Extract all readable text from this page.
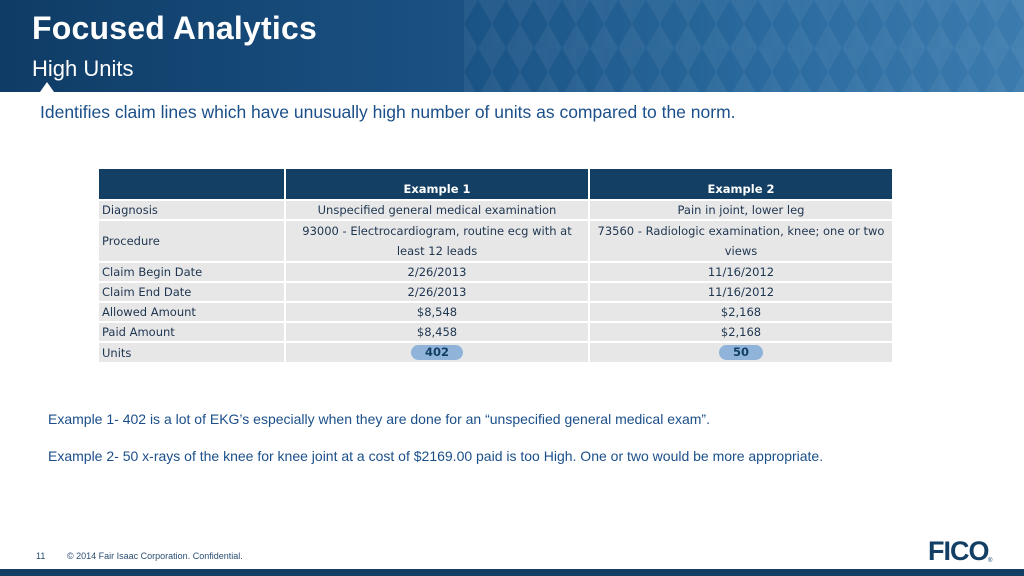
Focused Analytics
High Units
Identifies claim lines which have unusually high number of units as compared to the norm.
	Example 1	Example 2
Diagnosis	Unspecified general medical examination	Pain in joint, lower leg
Procedure	93000 - Electrocardiogram, routine ecg with at least 12 leads	73560 - Radiologic examination, knee; one or two views
Claim Begin Date	2/26/2013	11/16/2012
Claim End Date	2/26/2013	11/16/2012
Allowed Amount	$8,548	$2,168
Paid Amount	$8,458	$2,168
Units	402	50
Example 1- 402 is a lot of EKG’s especially when they are done for an “unspecified general medical exam”.
Example 2- 50 x-rays of the knee for knee joint at a cost of $2169.00 paid is too High. One or two would be more appropriate.
11 © 2014 Fair Isaac Corporation. Confidential.	FICO ®
